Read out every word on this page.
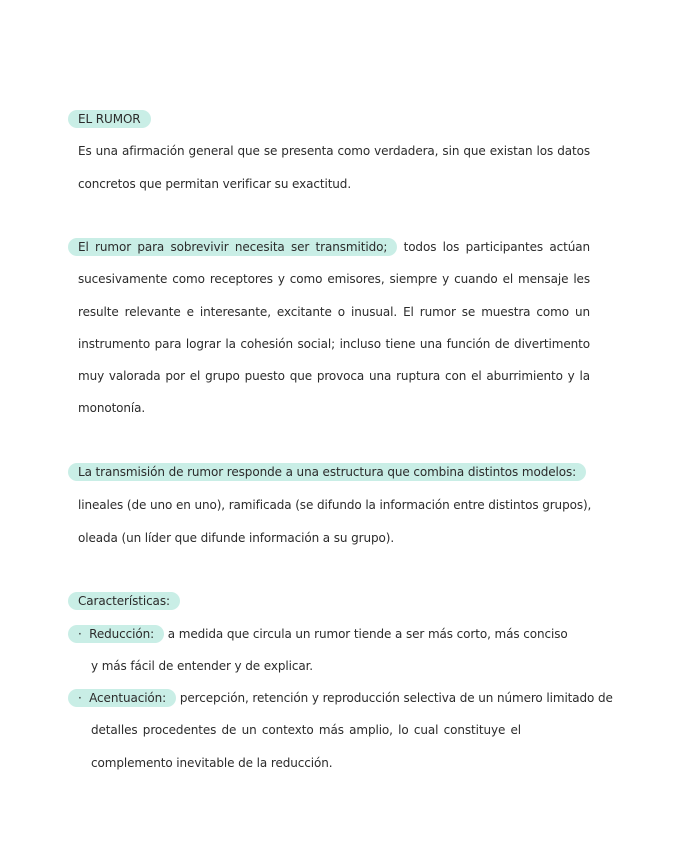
EL RUMOR
Es una afirmación general que se presenta como verdadera, sin que existan los datos
concretos que permitan verificar su exactitud.
El rumor para sobrevivir necesita ser transmitido; todos los participantes actúan
sucesivamente como receptores y como emisores, siempre y cuando el mensaje les
resulte relevante e interesante, excitante o inusual. El rumor se muestra como un
instrumento para lograr la cohesión social; incluso tiene una función de divertimento
muy valorada por el grupo puesto que provoca una ruptura con el aburrimiento y la
monotonía.
La transmisión de rumor responde a una estructura que combina distintos modelos:
lineales (de uno en uno), ramificada (se difundo la información entre distintos grupos),
oleada (un líder que difunde información a su grupo).
Características:
· Reducción: a medida que circula un rumor tiende a ser más corto, más conciso
y más fácil de entender y de explicar.
· Acentuación: percepción, retención y reproducción selectiva de un número limitado de
detalles procedentes de un contexto más amplio, lo cual constituye el
complemento inevitable de la reducción.
